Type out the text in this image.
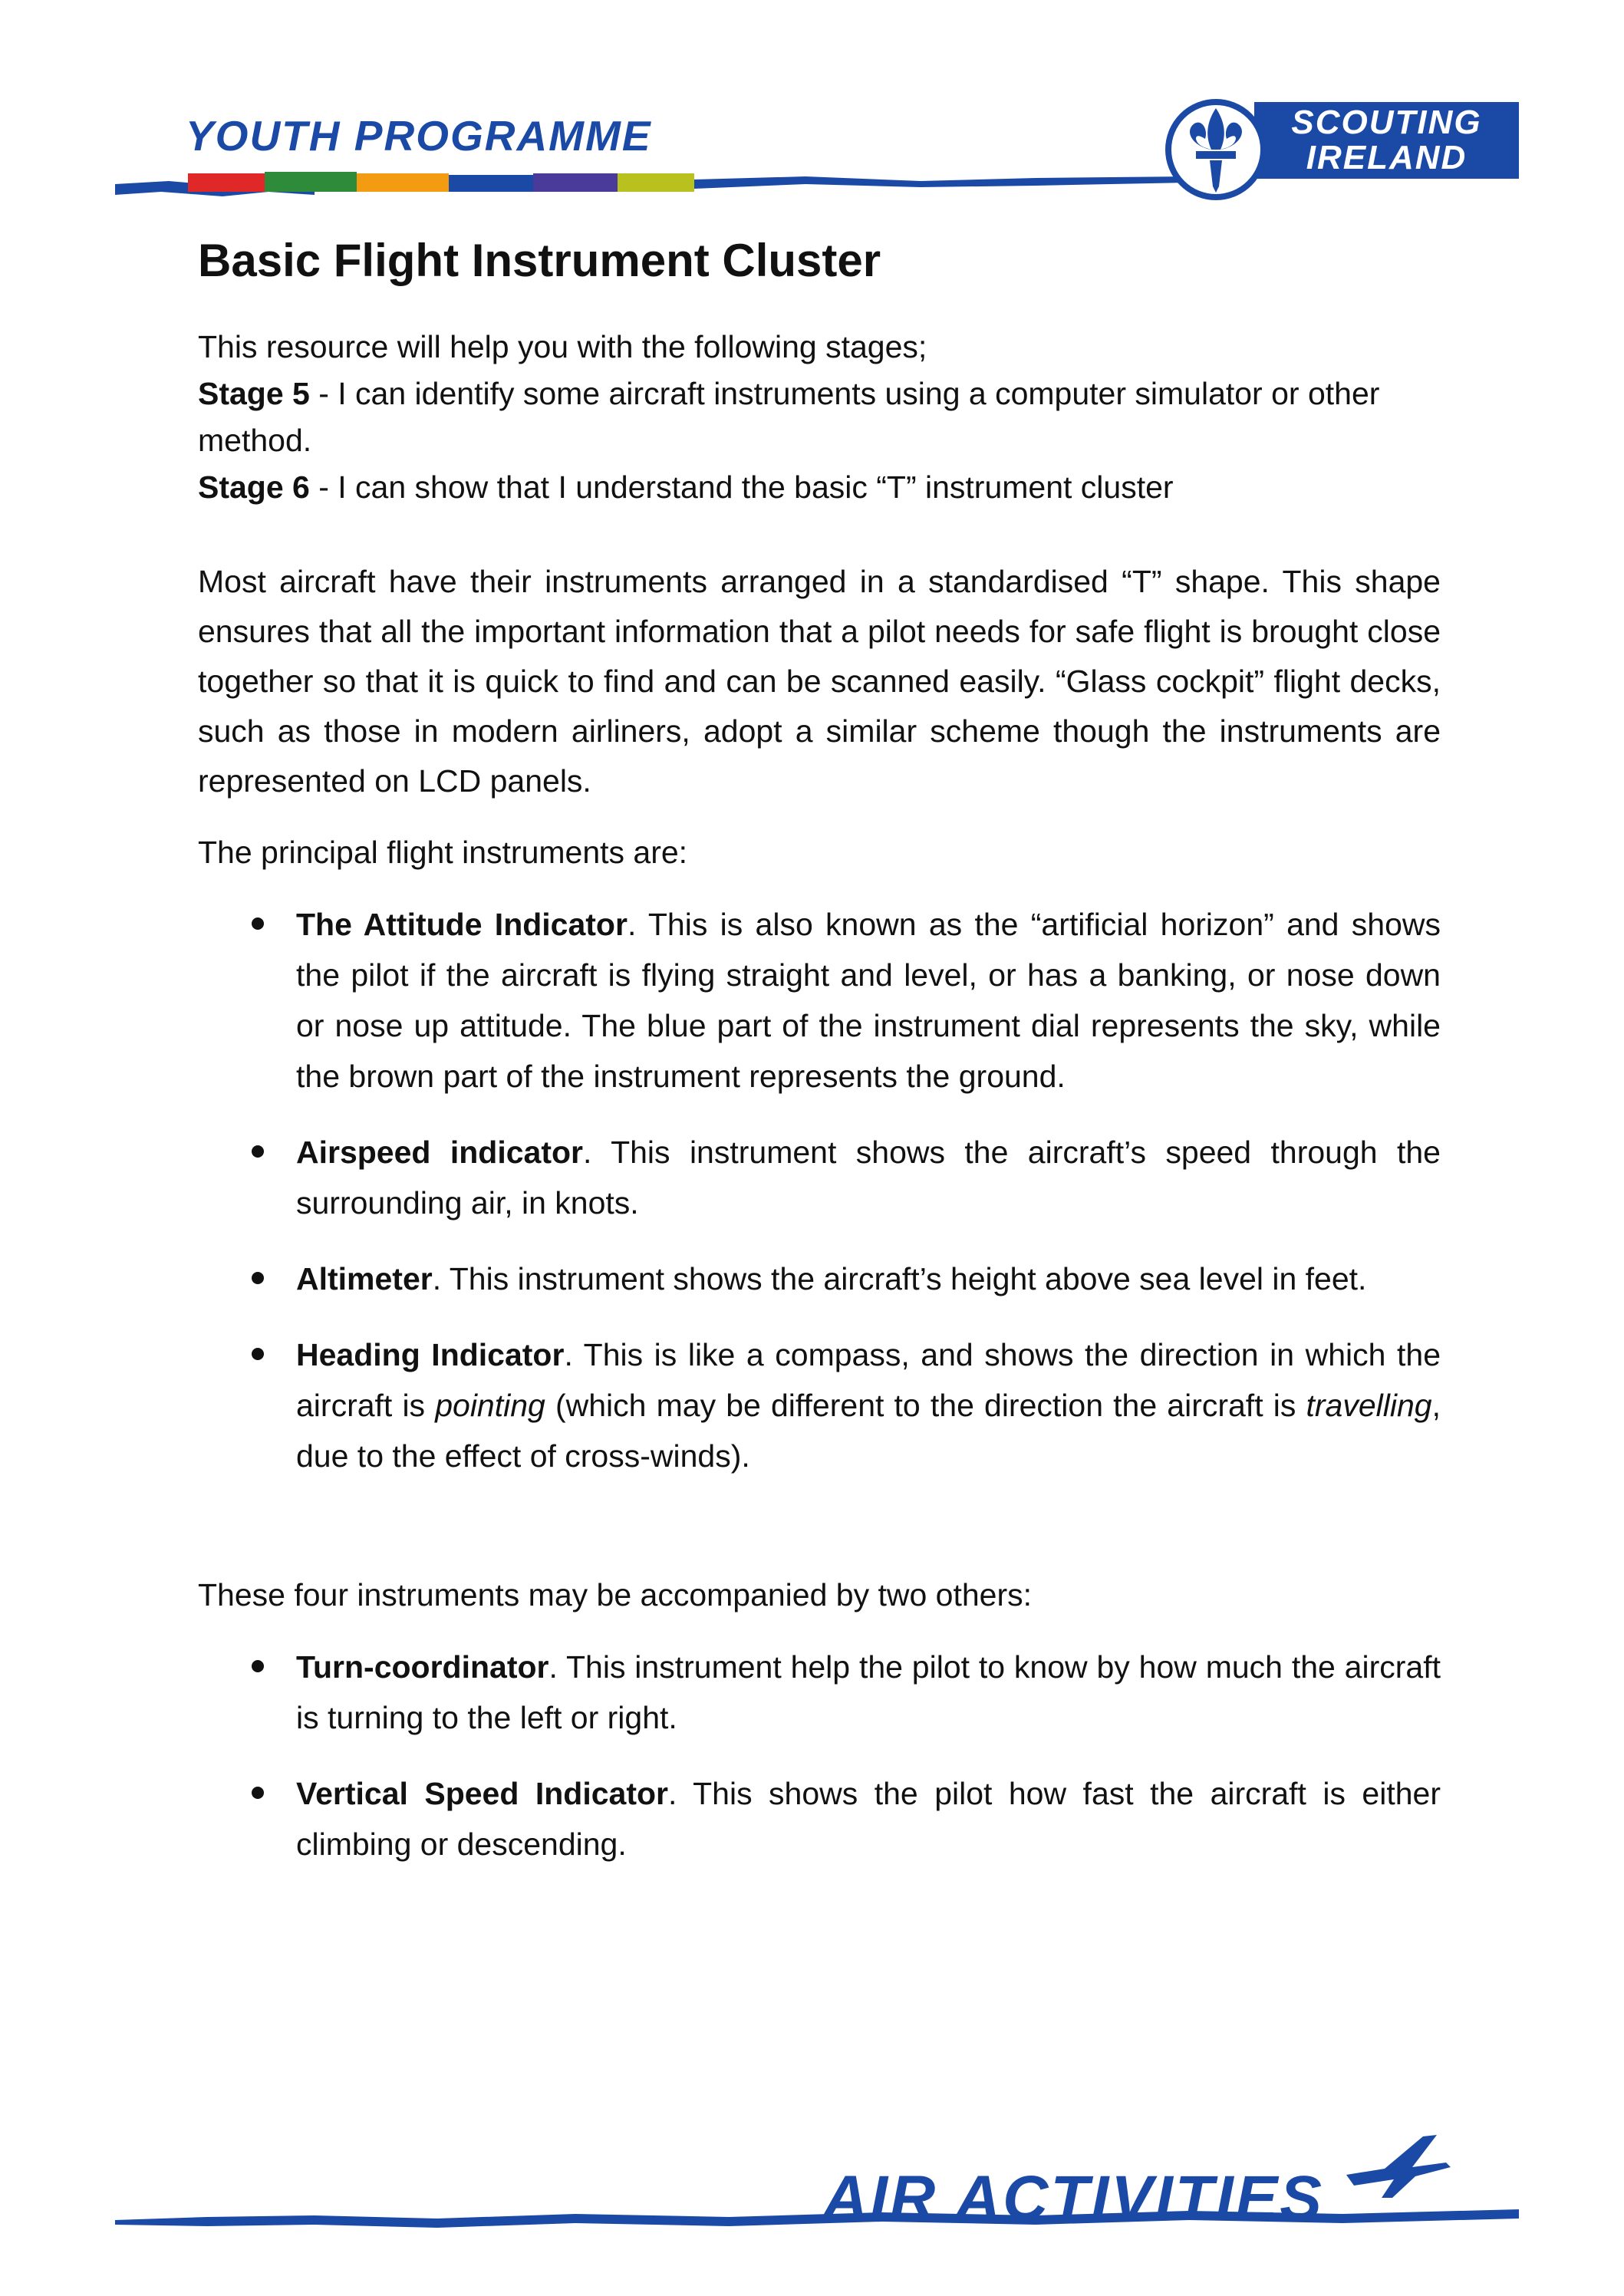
YOUTH PROGRAMME	SCOUTING
IRELAND
Basic Flight Instrument Cluster

This resource will help you with the following stages;
Stage 5 - I can identify some aircraft instruments using a computer simulator or other method.
Stage 6 - I can show that I understand the basic “T” instrument cluster

Most aircraft have their instruments arranged in a standardised “T” shape. This shape ensures that all the important information that a pilot needs for safe flight is brought close together so that it is quick to find and can be scanned easily. “Glass cockpit” flight decks, such as those in modern airliners, adopt a similar scheme though the instruments are represented on LCD panels.

The principal flight instruments are:

The Attitude Indicator. This is also known as the “artificial horizon” and shows the pilot if the aircraft is flying straight and level, or has a banking, or nose down or nose up attitude. The blue part of the instrument dial represents the sky, while the brown part of the instrument represents the ground.
Airspeed indicator. This instrument shows the aircraft’s speed through the surrounding air, in knots.
Altimeter. This instrument shows the aircraft’s height above sea level in feet.
Heading Indicator. This is like a compass, and shows the direction in which the aircraft is pointing (which may be different to the direction the aircraft is travelling, due to the effect of cross-winds).

These four instruments may be accompanied by two others:

Turn-coordinator. This instrument help the pilot to know by how much the aircraft is turning to the left or right.
Vertical Speed Indicator. This shows the pilot how fast the aircraft is either climbing or descending.
AIR ACTIVITIES
